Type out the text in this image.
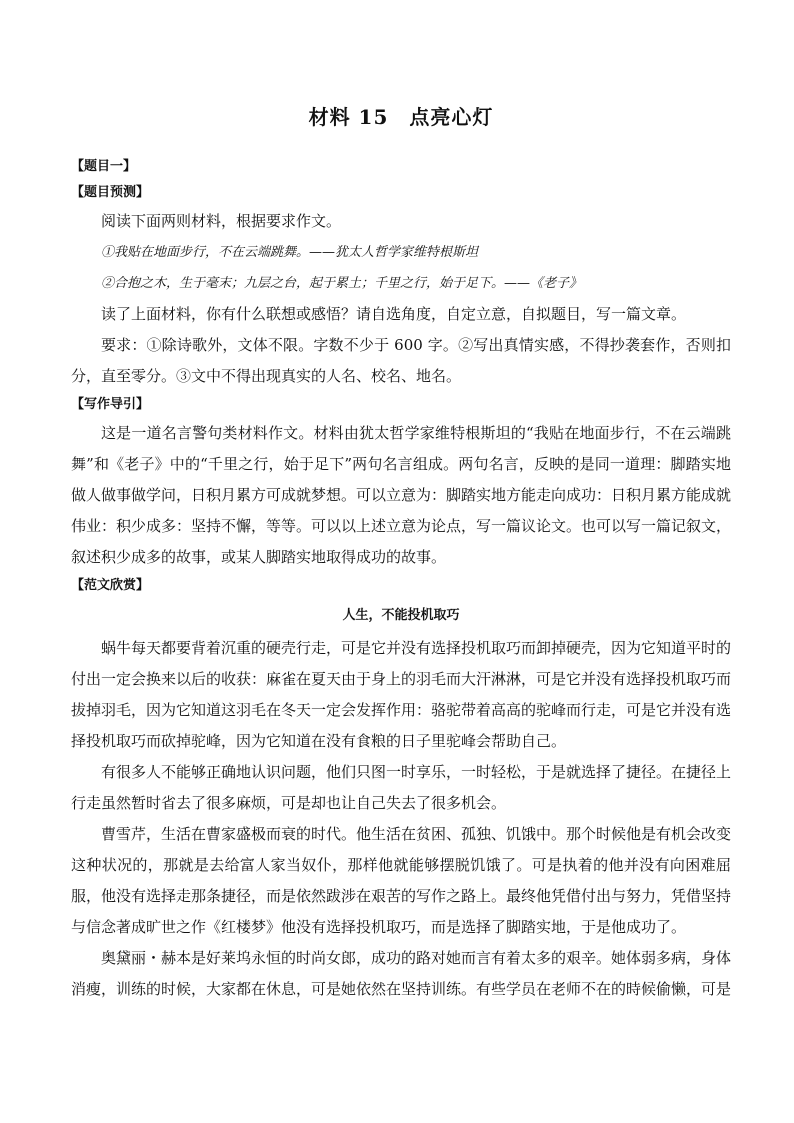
材料 15　点亮心灯
【题目一】
【题目预测】

阅读下面两则材料，根据要求作文。

①我贴在地面步行，不在云端跳舞。——犹太人哲学家维特根斯坦

②合抱之木，生于毫末；九层之台，起于累土；千里之行，始于足下。——《老子》

读了上面材料，你有什么联想或感悟？请自选角度，自定立意，自拟题目，写一篇文章。

要求：①除诗歌外，文体不限。字数不少于 600 字。②写出真情实感，不得抄袭套作，否则扣分，直至零分。③文中不得出现真实的人名、校名、地名。

【写作导引】

这是一道名言警句类材料作文。材料由犹太哲学家维特根斯坦的“我贴在地面步行，不在云端跳舞”和《老子》中的“千里之行，始于足下”两句名言组成。两句名言，反映的是同一道理：脚踏实地做人做事做学问，日积月累方可成就梦想。可以立意为：脚踏实地方能走向成功：日积月累方能成就伟业：积少成多：坚持不懈，等等。可以以上述立意为论点，写一篇议论文。也可以写一篇记叙文，叙述积少成多的故事，或某人脚踏实地取得成功的故事。

【范文欣赏】
人生，不能投机取巧

蜗牛每天都要背着沉重的硬壳行走，可是它并没有选择投机取巧而卸掉硬壳，因为它知道平时的付出一定会换来以后的收获：麻雀在夏天由于身上的羽毛而大汗淋淋，可是它并没有选择投机取巧而拔掉羽毛，因为它知道这羽毛在冬天一定会发挥作用：骆驼带着高高的驼峰而行走，可是它并没有选择投机取巧而砍掉驼峰，因为它知道在没有食粮的日子里驼峰会帮助自己。

有很多人不能够正确地认识问题，他们只图一时享乐，一时轻松，于是就选择了捷径。在捷径上行走虽然暂时省去了很多麻烦，可是却也让自己失去了很多机会。

曹雪芹，生活在曹家盛极而衰的时代。他生活在贫困、孤独、饥饿中。那个时候他是有机会改变这种状况的，那就是去给富人家当奴仆，那样他就能够摆脱饥饿了。可是执着的他并没有向困难屈服，他没有选择走那条捷径，而是依然跋涉在艰苦的写作之路上。最终他凭借付出与努力，凭借坚持与信念著成旷世之作《红楼梦》他没有选择投机取巧，而是选择了脚踏实地，于是他成功了。

奥黛丽・赫本是好莱坞永恒的时尚女郎，成功的路对她而言有着太多的艰辛。她体弱多病，身体消瘦，训练的时候，大家都在休息，可是她依然在坚持训练。有些学员在老师不在的時候偷懒，可是
